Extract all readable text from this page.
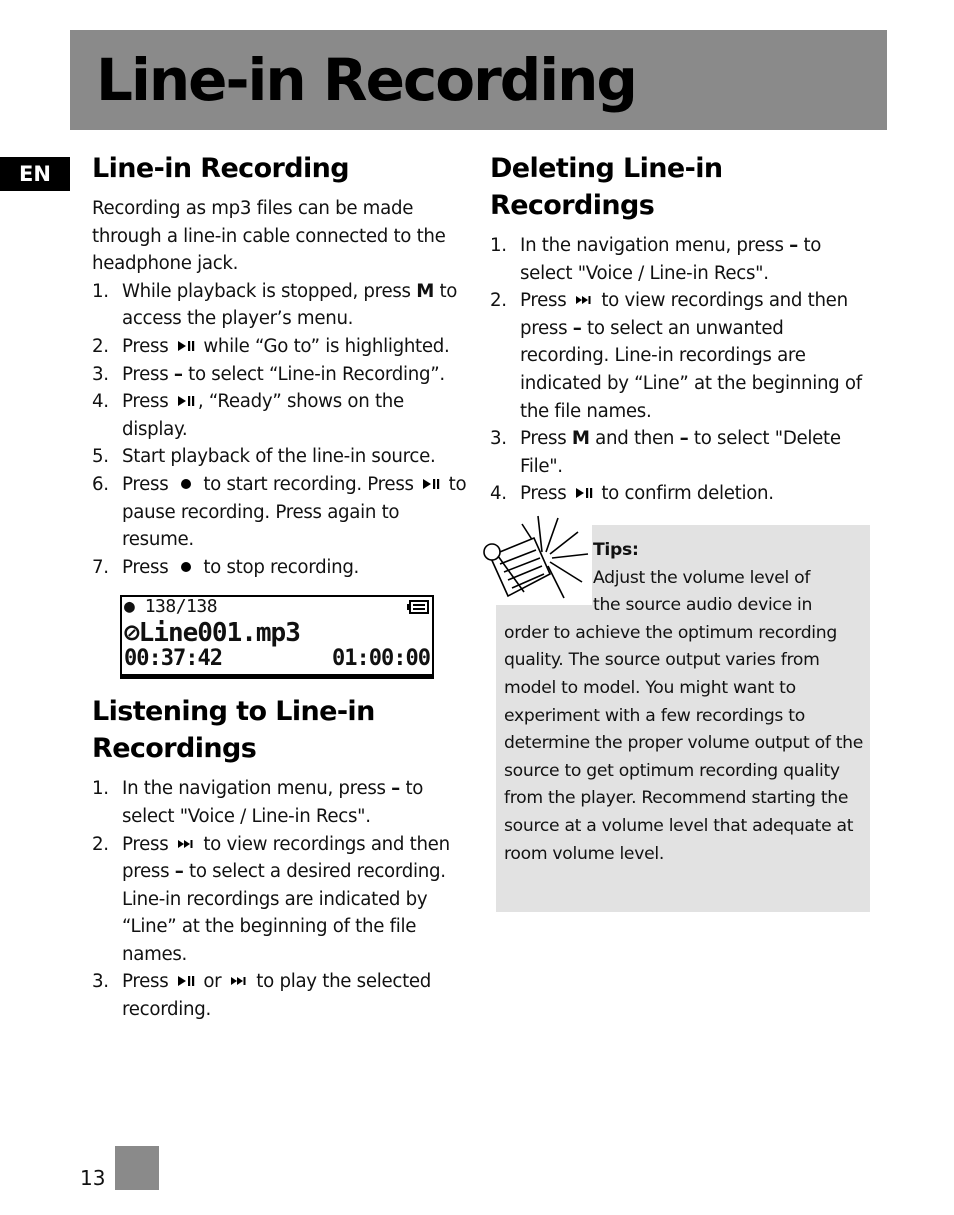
Line-in Recording
EN	Line-in Recording

Recording as mp3 files can be made through a line-in cable connected to the headphone jack.

1. While playback is stopped, press M to access the player’s menu.
2. Press
while “Go to” is highlighted.
3. Press – to select “Line-in Recording”.
4. Press
, “Ready” shows on the display.
5. Start playback of the line-in source.
6. Press
to start recording. Press
to pause recording. Press again to resume.
7. Press
to stop recording.
● 138/138
⊘Line001.mp3
00:37:42	01:00:00
Listening to Line-in Recordings
1. In the navigation menu, press – to select "Voice / Line-in Recs".
2. Press
to view recordings and then press – to select a desired recording. Line-in recordings are indicated by “Line” at the beginning of the file names.
3. Press
or
to play the selected recording.
Deleting Line-in Recordings
1. In the navigation menu, press – to select "Voice / Line-in Recs".
2. Press
to view recordings and then press – to select an unwanted recording. Line-in recordings are indicated by “Line” at the beginning of the file names.
3. Press M and then – to select "Delete File".
4. Press
to confirm deletion.
Tips:
Adjust the volume level of
the source audio device in
order to achieve the optimum recording quality. The source output varies from model to model. You might want to experiment with a few recordings to determine the proper volume output of the source to get optimum recording quality from the player. Recommend starting the source at a volume level that adequate at room volume level.
13
